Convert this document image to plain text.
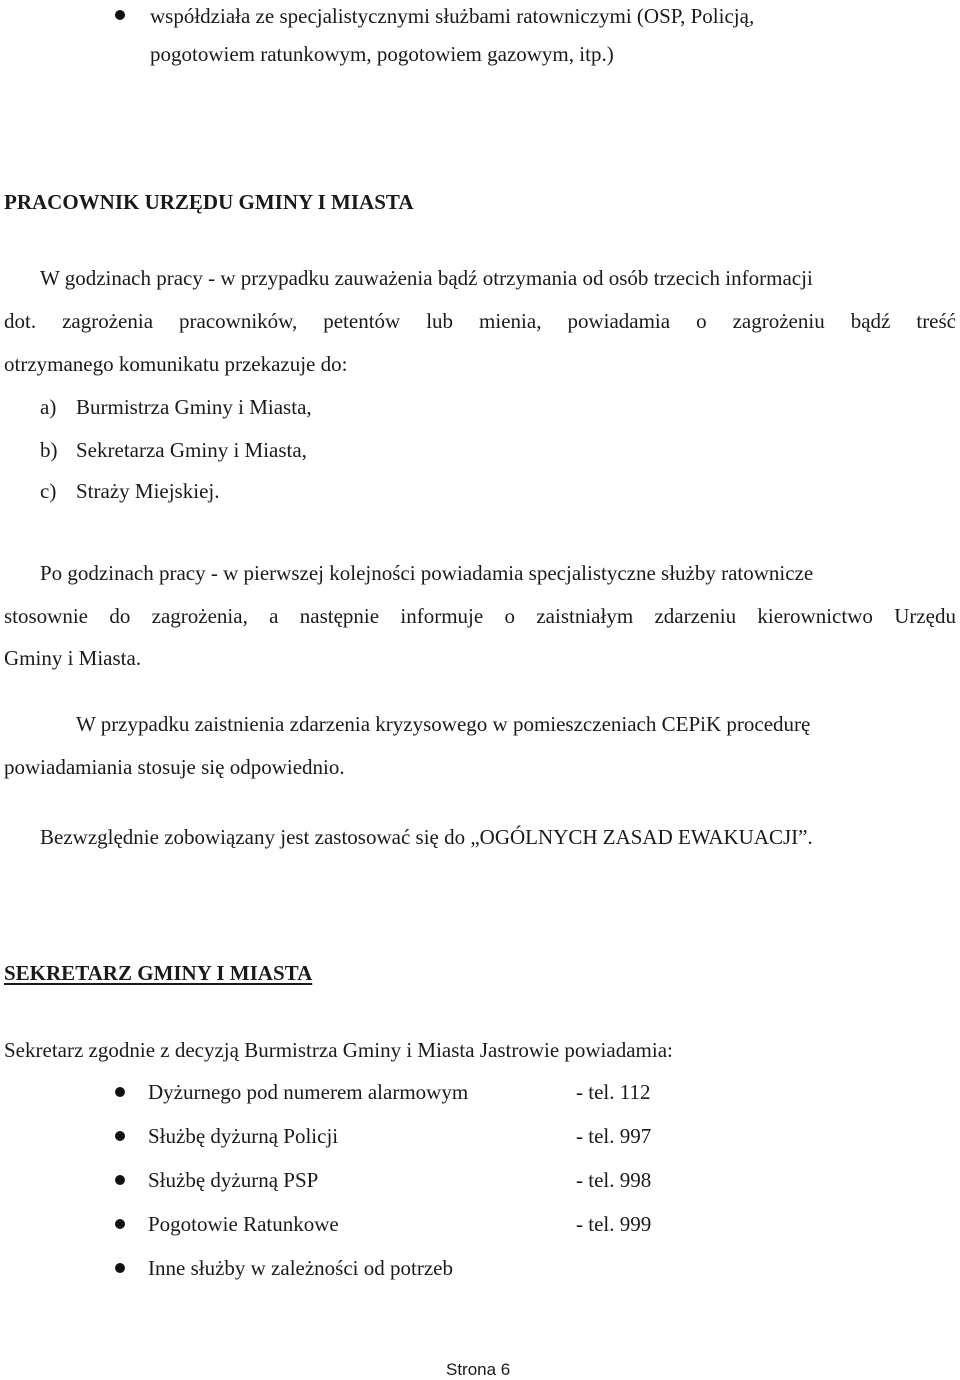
współdziała ze specjalistycznymi służbami ratowniczymi (OSP, Policją,
pogotowiem ratunkowym, pogotowiem gazowym, itp.)
PRACOWNIK URZĘDU GMINY I MIASTA
W godzinach pracy - w przypadku zauważenia bądź otrzymania od osób trzecich informacji
dot. zagrożenia pracowników, petentów lub mienia, powiadamia o zagrożeniu bądź treść
otrzymanego komunikatu przekazuje do:
a) Burmistrza Gminy i Miasta,
b) Sekretarza Gminy i Miasta,
c) Straży Miejskiej.
Po godzinach pracy - w pierwszej kolejności powiadamia specjalistyczne służby ratownicze
stosownie do zagrożenia, a następnie informuje o zaistniałym zdarzeniu kierownictwo Urzędu
Gminy i Miasta.
W przypadku zaistnienia zdarzenia kryzysowego w pomieszczeniach CEPiK procedurę
powiadamiania stosuje się odpowiednio.
Bezwzględnie zobowiązany jest zastosować się do „OGÓLNYCH ZASAD EWAKUACJI”.
SEKRETARZ GMINY I MIASTA
Sekretarz zgodnie z decyzją Burmistrza Gminy i Miasta Jastrowie powiadamia:
Dyżurnego pod numerem alarmowym	- tel. 112
Służbę dyżurną Policji	- tel. 997
Służbę dyżurną PSP	- tel. 998
Pogotowie Ratunkowe	- tel. 999
Inne służby w zależności od potrzeb
Strona 6
